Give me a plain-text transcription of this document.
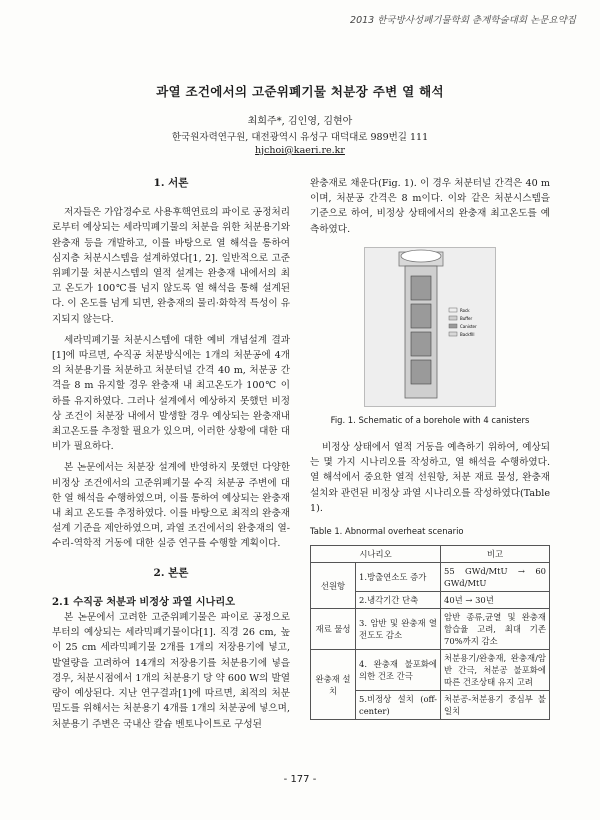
2013 한국방사성폐기물학회 춘계학술대회 논문요약집
과열 조건에서의 고준위폐기물 처분장 주변 열 해석
최희주*, 김인영, 김현아
한국원자력연구원, 대전광역시 유성구 대덕대로 989번길 111
hjchoi@kaeri.re.kr
1. 서론

저자들은 가압경수로 사용후핵연료의 파이로 공정처리로부터 예상되는 세라믹폐기물의 처분을 위한 처분용기와 완충재 등을 개발하고, 이를 바탕으로 열 해석을 통하여 심지층 처분시스템을 설계하였다[1, 2]. 일반적으로 고준위폐기물 처분시스템의 열적 설계는 완충재 내에서의 최고 온도가 100℃를 넘지 않도록 열 해석을 통해 설계된다. 이 온도를 넘게 되면, 완충재의 물리·화학적 특성이 유지되지 않는다.

세라믹폐기물 처분시스템에 대한 예비 개념설계 결과[1]에 따르면, 수직공 처분방식에는 1개의 처분공에 4개의 처분용기를 처분하고 처분터널 간격 40 m, 처분공 간격을 8 m 유지할 경우 완충재 내 최고온도가 100℃ 이하를 유지하였다. 그러나 설계에서 예상하지 못했던 비정상 조건이 처분장 내에서 발생할 경우 예상되는 완충재내 최고온도를 추정할 필요가 있으며, 이러한 상황에 대한 대비가 필요하다.

본 논문에서는 처분장 설계에 반영하지 못했던 다양한 비정상 조건에서의 고준위폐기물 수직 처분공 주변에 대한 열 해석을 수행하였으며, 이를 통하여 예상되는 완충재 내 최고 온도를 추정하였다. 이를 바탕으로 최적의 완충재 설계 기준을 제안하였으며, 과열 조건에서의 완충재의 열-수리-역학적 거동에 대한 실증 연구를 수행할 계획이다.

2. 본론

2.1 수직공 처분과 비정상 과열 시나리오

본 논문에서 고려한 고준위폐기물은 파이로 공정으로부터의 예상되는 세라믹폐기물이다[1]. 직경 26 cm, 높이 25 cm 세라믹폐기물 2개를 1개의 저장용기에 넣고, 발열량을 고려하여 14개의 저장용기를 처분용기에 넣을 경우, 처분시점에서 1개의 처분용기 당 약 600 W의 발열량이 예상된다. 지난 연구결과[1]에 따르면, 최적의 처분밀도를 위해서는 처분용기 4개를 1개의 처분공에 넣으며, 처분용기 주변은 국내산 칼슘 벤토나이트로 구성된

완충재로 채운다(Fig. 1). 이 경우 처분터널 간격은 40 m이며, 처분공 간격은 8 m이다. 이와 같은 처분시스템을 기준으로 하여, 비정상 상태에서의 완충재 최고온도를 예측하였다.

Rock
Buffer
Canister
Backfill
Fig. 1. Schematic of a borehole with 4 canisters

비정상 상태에서 열적 거동을 예측하기 위하여, 예상되는 몇 가지 시나리오를 작성하고, 열 해석을 수행하였다. 열 해석에서 중요한 열적 선원항, 처분 재료 물성, 완충재 설치와 관련된 비정상 과열 시나리오를 작성하였다(Table 1).

Table 1. Abnormal overheat scenario
시나리오		비고
선원항	1.방출연소도 증가	55 GWd/MtU → 60 GWd/MtU
	2.냉각기간 단축	40년 → 30년
재료 물성	3. 암반 및 완충재 열전도도 감소	암반 종류,균열 및 완충재 함습율 고려, 최대 기존 70%까지 감소
완충재 설치	4. 완충재 불포화에 의한 건조 간극	처분용기/완충재, 완충재/암반 간극, 처분공 불포화에 따른 건조상태 유지 고려
	5.비정상 설치 (off-center)	처분공-처분용기 중심부 불일치
- 177 -
